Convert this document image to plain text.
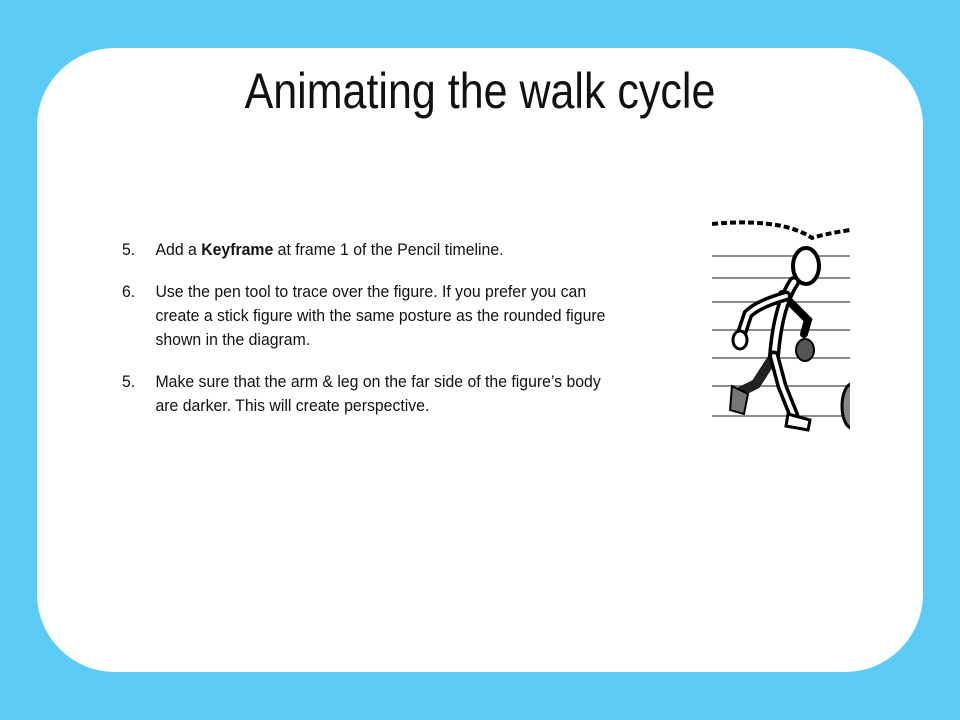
Animating the walk cycle
5.	Add a Keyframe at frame 1 of the Pencil timeline.
6.	Use the pen tool to trace over the figure. If you prefer you can create a stick figure with the same posture as the rounded figure shown in the diagram.
5.	Make sure that the arm & leg on the far side of the figure’s body are darker. This will create perspective.
